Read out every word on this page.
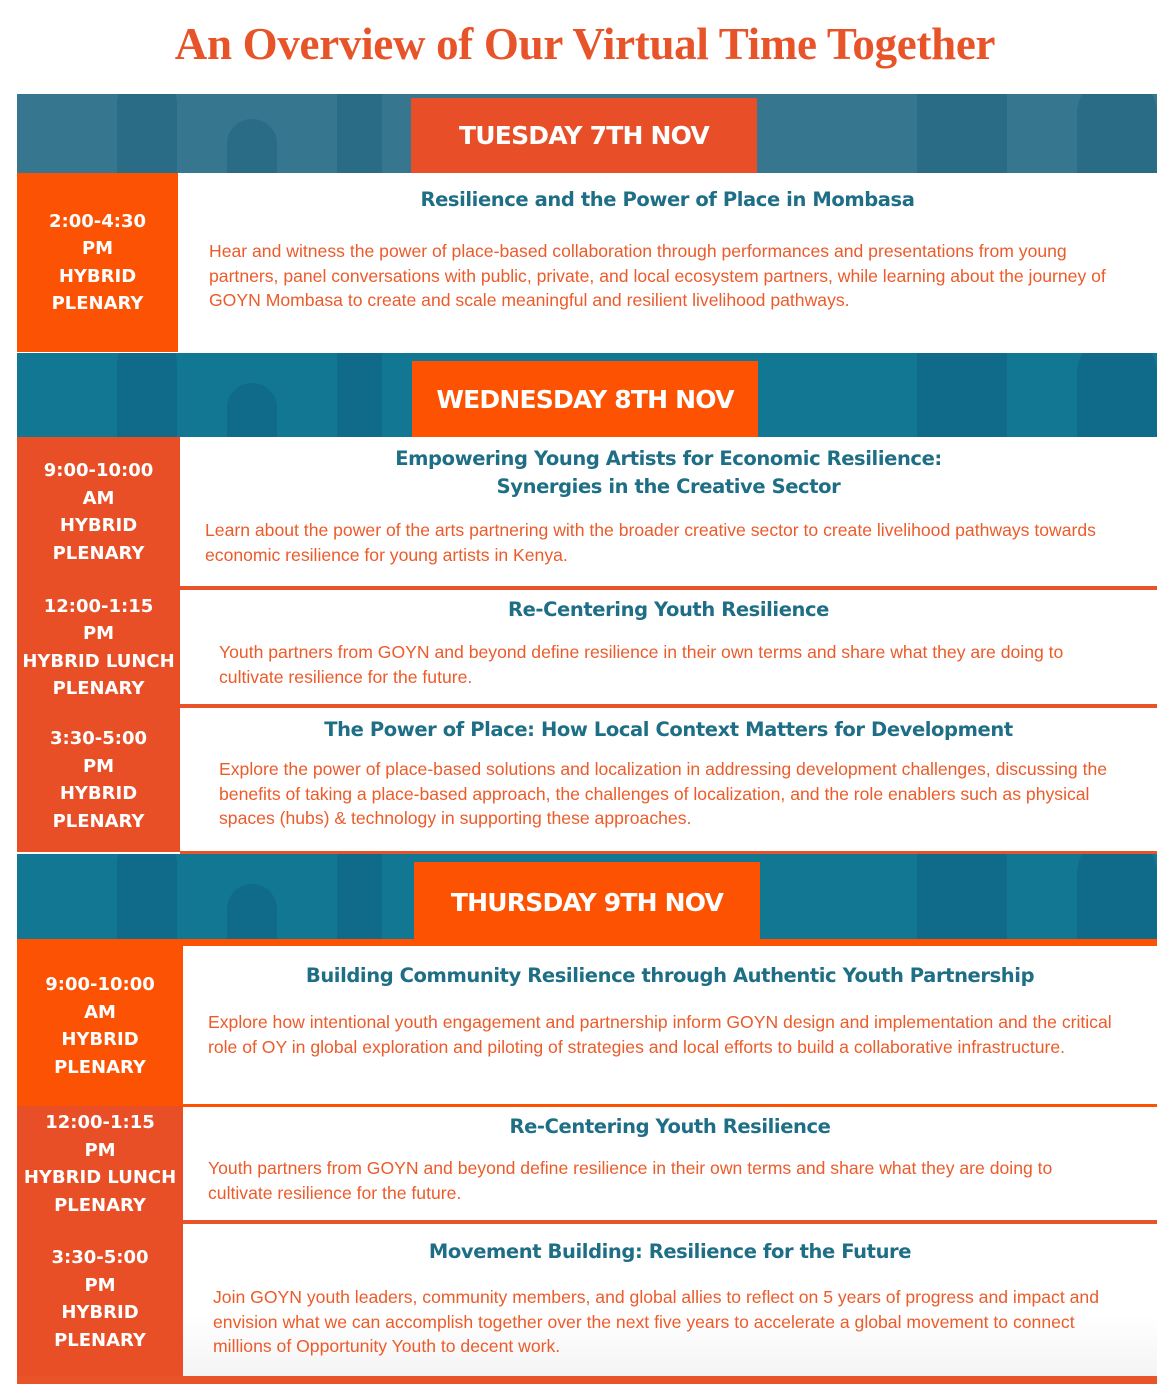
An Overview of Our Virtual Time Together
TUESDAY 7TH NOV
2:00-4:30
PM
HYBRID
PLENARY
Resilience and the Power of Place in Mombasa
Hear and witness the power of place-based collaboration through performances and presentations from young partners, panel conversations with public, private, and local ecosystem partners, while learning about the journey of GOYN Mombasa to create and scale meaningful and resilient livelihood pathways.
WEDNESDAY 8TH NOV
9:00-10:00
AM
HYBRID
PLENARY
Empowering Young Artists for Economic Resilience:
Synergies in the Creative Sector
Learn about the power of the arts partnering with the broader creative sector to create livelihood pathways towards economic resilience for young artists in Kenya.
12:00-1:15
PM
HYBRID LUNCH
PLENARY
Re-Centering Youth Resilience
Youth partners from GOYN and beyond define resilience in their own terms and share what they are doing to cultivate resilience for the future.
3:30-5:00
PM
HYBRID
PLENARY
The Power of Place: How Local Context Matters for Development
Explore the power of place-based solutions and localization in addressing development challenges, discussing the benefits of taking a place-based approach, the challenges of localization, and the role enablers such as physical spaces (hubs) & technology in supporting these approaches.
THURSDAY 9TH NOV
9:00-10:00
AM
HYBRID
PLENARY
Building Community Resilience through Authentic Youth Partnership
Explore how intentional youth engagement and partnership inform GOYN design and implementation and the critical role of OY in global exploration and piloting of strategies and local efforts to build a collaborative infrastructure.
12:00-1:15
PM
HYBRID LUNCH
PLENARY
Re-Centering Youth Resilience
Youth partners from GOYN and beyond define resilience in their own terms and share what they are doing to cultivate resilience for the future.
3:30-5:00
PM
HYBRID
PLENARY
Movement Building: Resilience for the Future
Join GOYN youth leaders, community members, and global allies to reflect on 5 years of progress and impact and envision what we can accomplish together over the next five years to accelerate a global movement to connect millions of Opportunity Youth to decent work.
